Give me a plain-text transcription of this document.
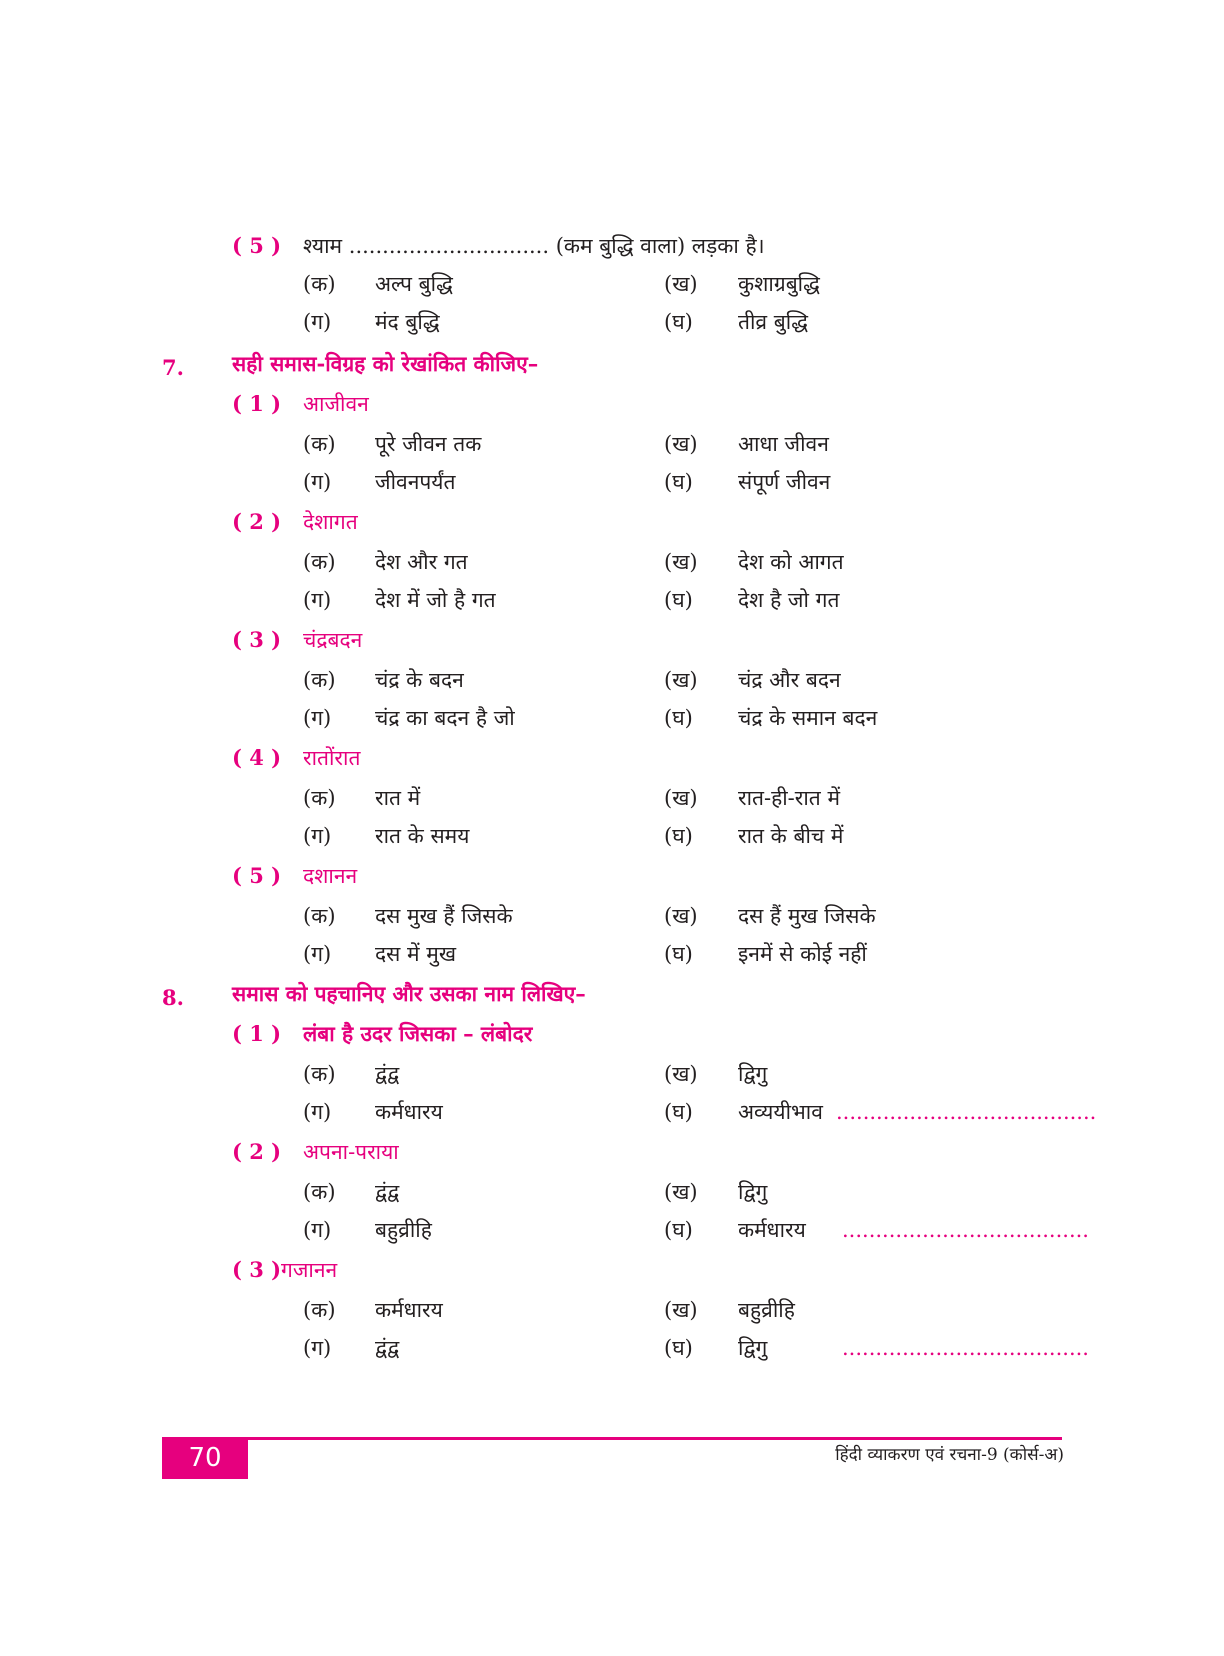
( 5 ) श्याम .............................. (कम बुद्धि वाला) लड़का है।
(क) अल्प बुद्धि	(ख) कुशाग्रबुद्धि
(ग) मंद बुद्धि	(घ) तीव्र बुद्धि
7. सही समास-विग्रह को रेखांकित कीजिए–
( 1 ) आजीवन
(क) पूरे जीवन तक	(ख) आधा जीवन
(ग) जीवनपर्यंत	(घ) संपूर्ण जीवन
( 2 ) देशागत
(क) देश और गत	(ख) देश को आगत
(ग) देश में जो है गत	(घ) देश है जो गत
( 3 ) चंद्रबदन
(क) चंद्र के बदन	(ख) चंद्र और बदन
(ग) चंद्र का बदन है जो	(घ) चंद्र के समान बदन
( 4 ) रातोंरात
(क) रात में	(ख) रात-ही-रात में
(ग) रात के समय	(घ) रात के बीच में
( 5 ) दशानन
(क) दस मुख हैं जिसके	(ख) दस हैं मुख जिसके
(ग) दस में मुख	(घ) इनमें से कोई नहीं
8. समास को पहचानिए और उसका नाम लिखिए–
( 1 ) लंबा है उदर जिसका – लंबोदर
(क) द्वंद्व	(ख) द्विगु
(ग) कर्मधारय	(घ) अव्ययीभाव .......................................
( 2 ) अपना-पराया
(क) द्वंद्व	(ख) द्विगु
(ग) बहुव्रीहि	(घ) कर्मधारय .....................................
( 3 ) गजानन
(क) कर्मधारय	(ख) बहुव्रीहि
(ग) द्वंद्व	(घ) द्विगु	.....................................
70	हिंदी व्याकरण एवं रचना-9 (कोर्स-अ)
